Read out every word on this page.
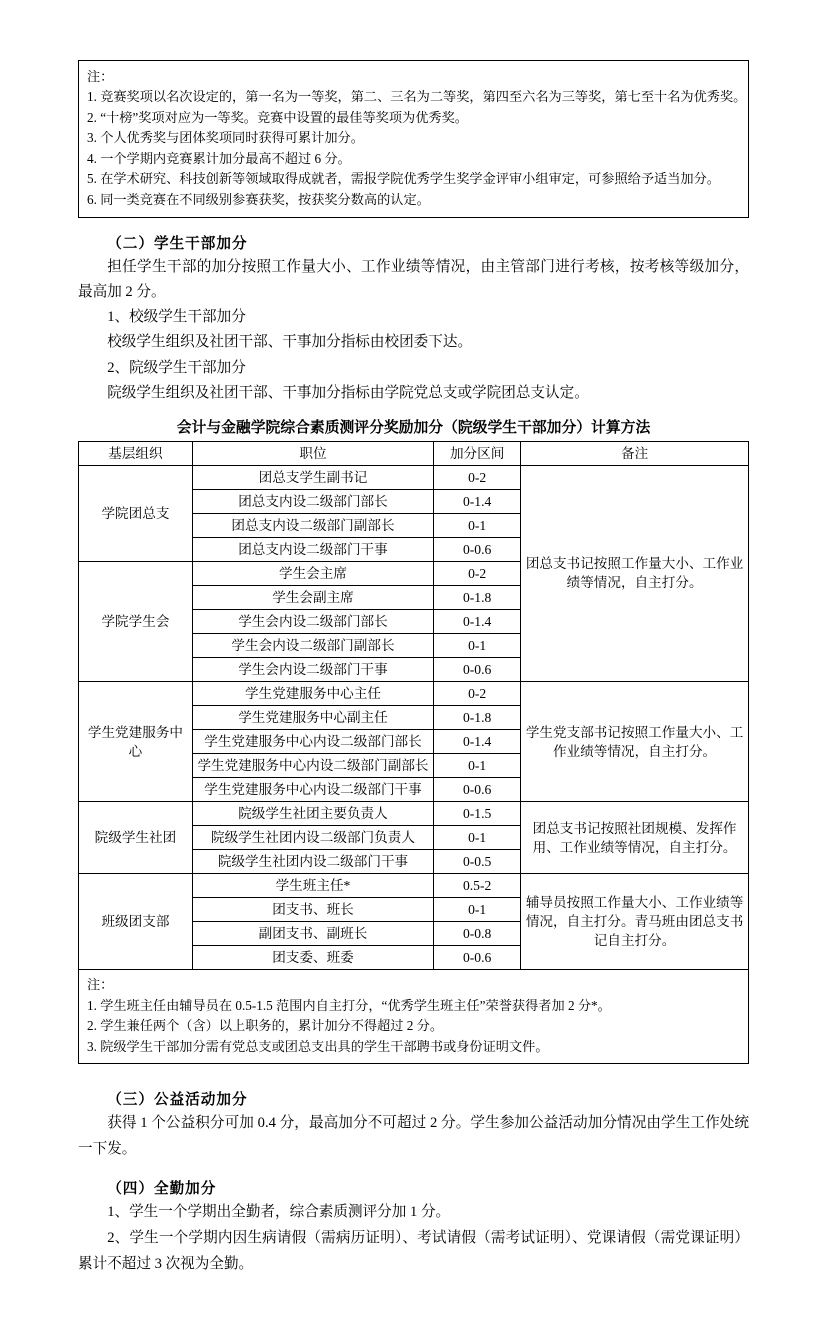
注：
1. 竞赛奖项以名次设定的，第一名为一等奖，第二、三名为二等奖，第四至六名为三等奖，第七至十名为优秀奖。
2. “十榜”奖项对应为一等奖。竞赛中设置的最佳等奖项为优秀奖。
3. 个人优秀奖与团体奖项同时获得可累计加分。
4. 一个学期内竞赛累计加分最高不超过 6 分。
5. 在学术研究、科技创新等领域取得成就者，需报学院优秀学生奖学金评审小组审定，可参照给予适当加分。
6. 同一类竞赛在不同级别参赛获奖，按获奖分数高的认定。
（二）学生干部加分

担任学生干部的加分按照工作量大小、工作业绩等情况，由主管部门进行考核，按考核等级加分，最高加 2 分。

1、校级学生干部加分

校级学生组织及社团干部、干事加分指标由校团委下达。

2、院级学生干部加分

院级学生组织及社团干部、干事加分指标由学院党总支或学院团总支认定。

会计与金融学院综合素质测评分奖励加分（院级学生干部加分）计算方法
基层组织	职位	加分区间	备注
学院团总支	团总支学生副书记	0-2	团总支书记按照工作量大小、工作业绩等情况，自主打分。
	团总支内设二级部门部长	0-1.4	
	团总支内设二级部门副部长	0-1	
	团总支内设二级部门干事	0-0.6	
学院学生会	学生会主席	0-2	
	学生会副主席	0-1.8	
	学生会内设二级部门部长	0-1.4	
	学生会内设二级部门副部长	0-1	
	学生会内设二级部门干事	0-0.6	
学生党建服务中心	学生党建服务中心主任	0-2	学生党支部书记按照工作量大小、工作业绩等情况，自主打分。
	学生党建服务中心副主任	0-1.8	
	学生党建服务中心内设二级部门部长	0-1.4	
	学生党建服务中心内设二级部门副部长	0-1	
	学生党建服务中心内设二级部门干事	0-0.6	
院级学生社团	院级学生社团主要负责人	0-1.5	团总支书记按照社团规模、发挥作用、工作业绩等情况，自主打分。
	院级学生社团内设二级部门负责人	0-1	
	院级学生社团内设二级部门干事	0-0.5	
班级团支部	学生班主任*	0.5-2	辅导员按照工作量大小、工作业绩等情况，自主打分。青马班由团总支书记自主打分。
	团支书、班长	0-1	
	副团支书、副班长	0-0.8	
	团支委、班委	0-0.6	
注：
1. 学生班主任由辅导员在 0.5-1.5 范围内自主打分，“优秀学生班主任”荣誉获得者加 2 分*。
2. 学生兼任两个（含）以上职务的，累计加分不得超过 2 分。
3. 院级学生干部加分需有党总支或团总支出具的学生干部聘书或身份证明文件。
（三）公益活动加分

获得 1 个公益积分可加 0.4 分，最高加分不可超过 2 分。学生参加公益活动加分情况由学生工作处统一下发。

（四）全勤加分

1、学生一个学期出全勤者，综合素质测评分加 1 分。

2、学生一个学期内因生病请假（需病历证明）、考试请假（需考试证明）、党课请假（需党课证明）累计不超过 3 次视为全勤。
